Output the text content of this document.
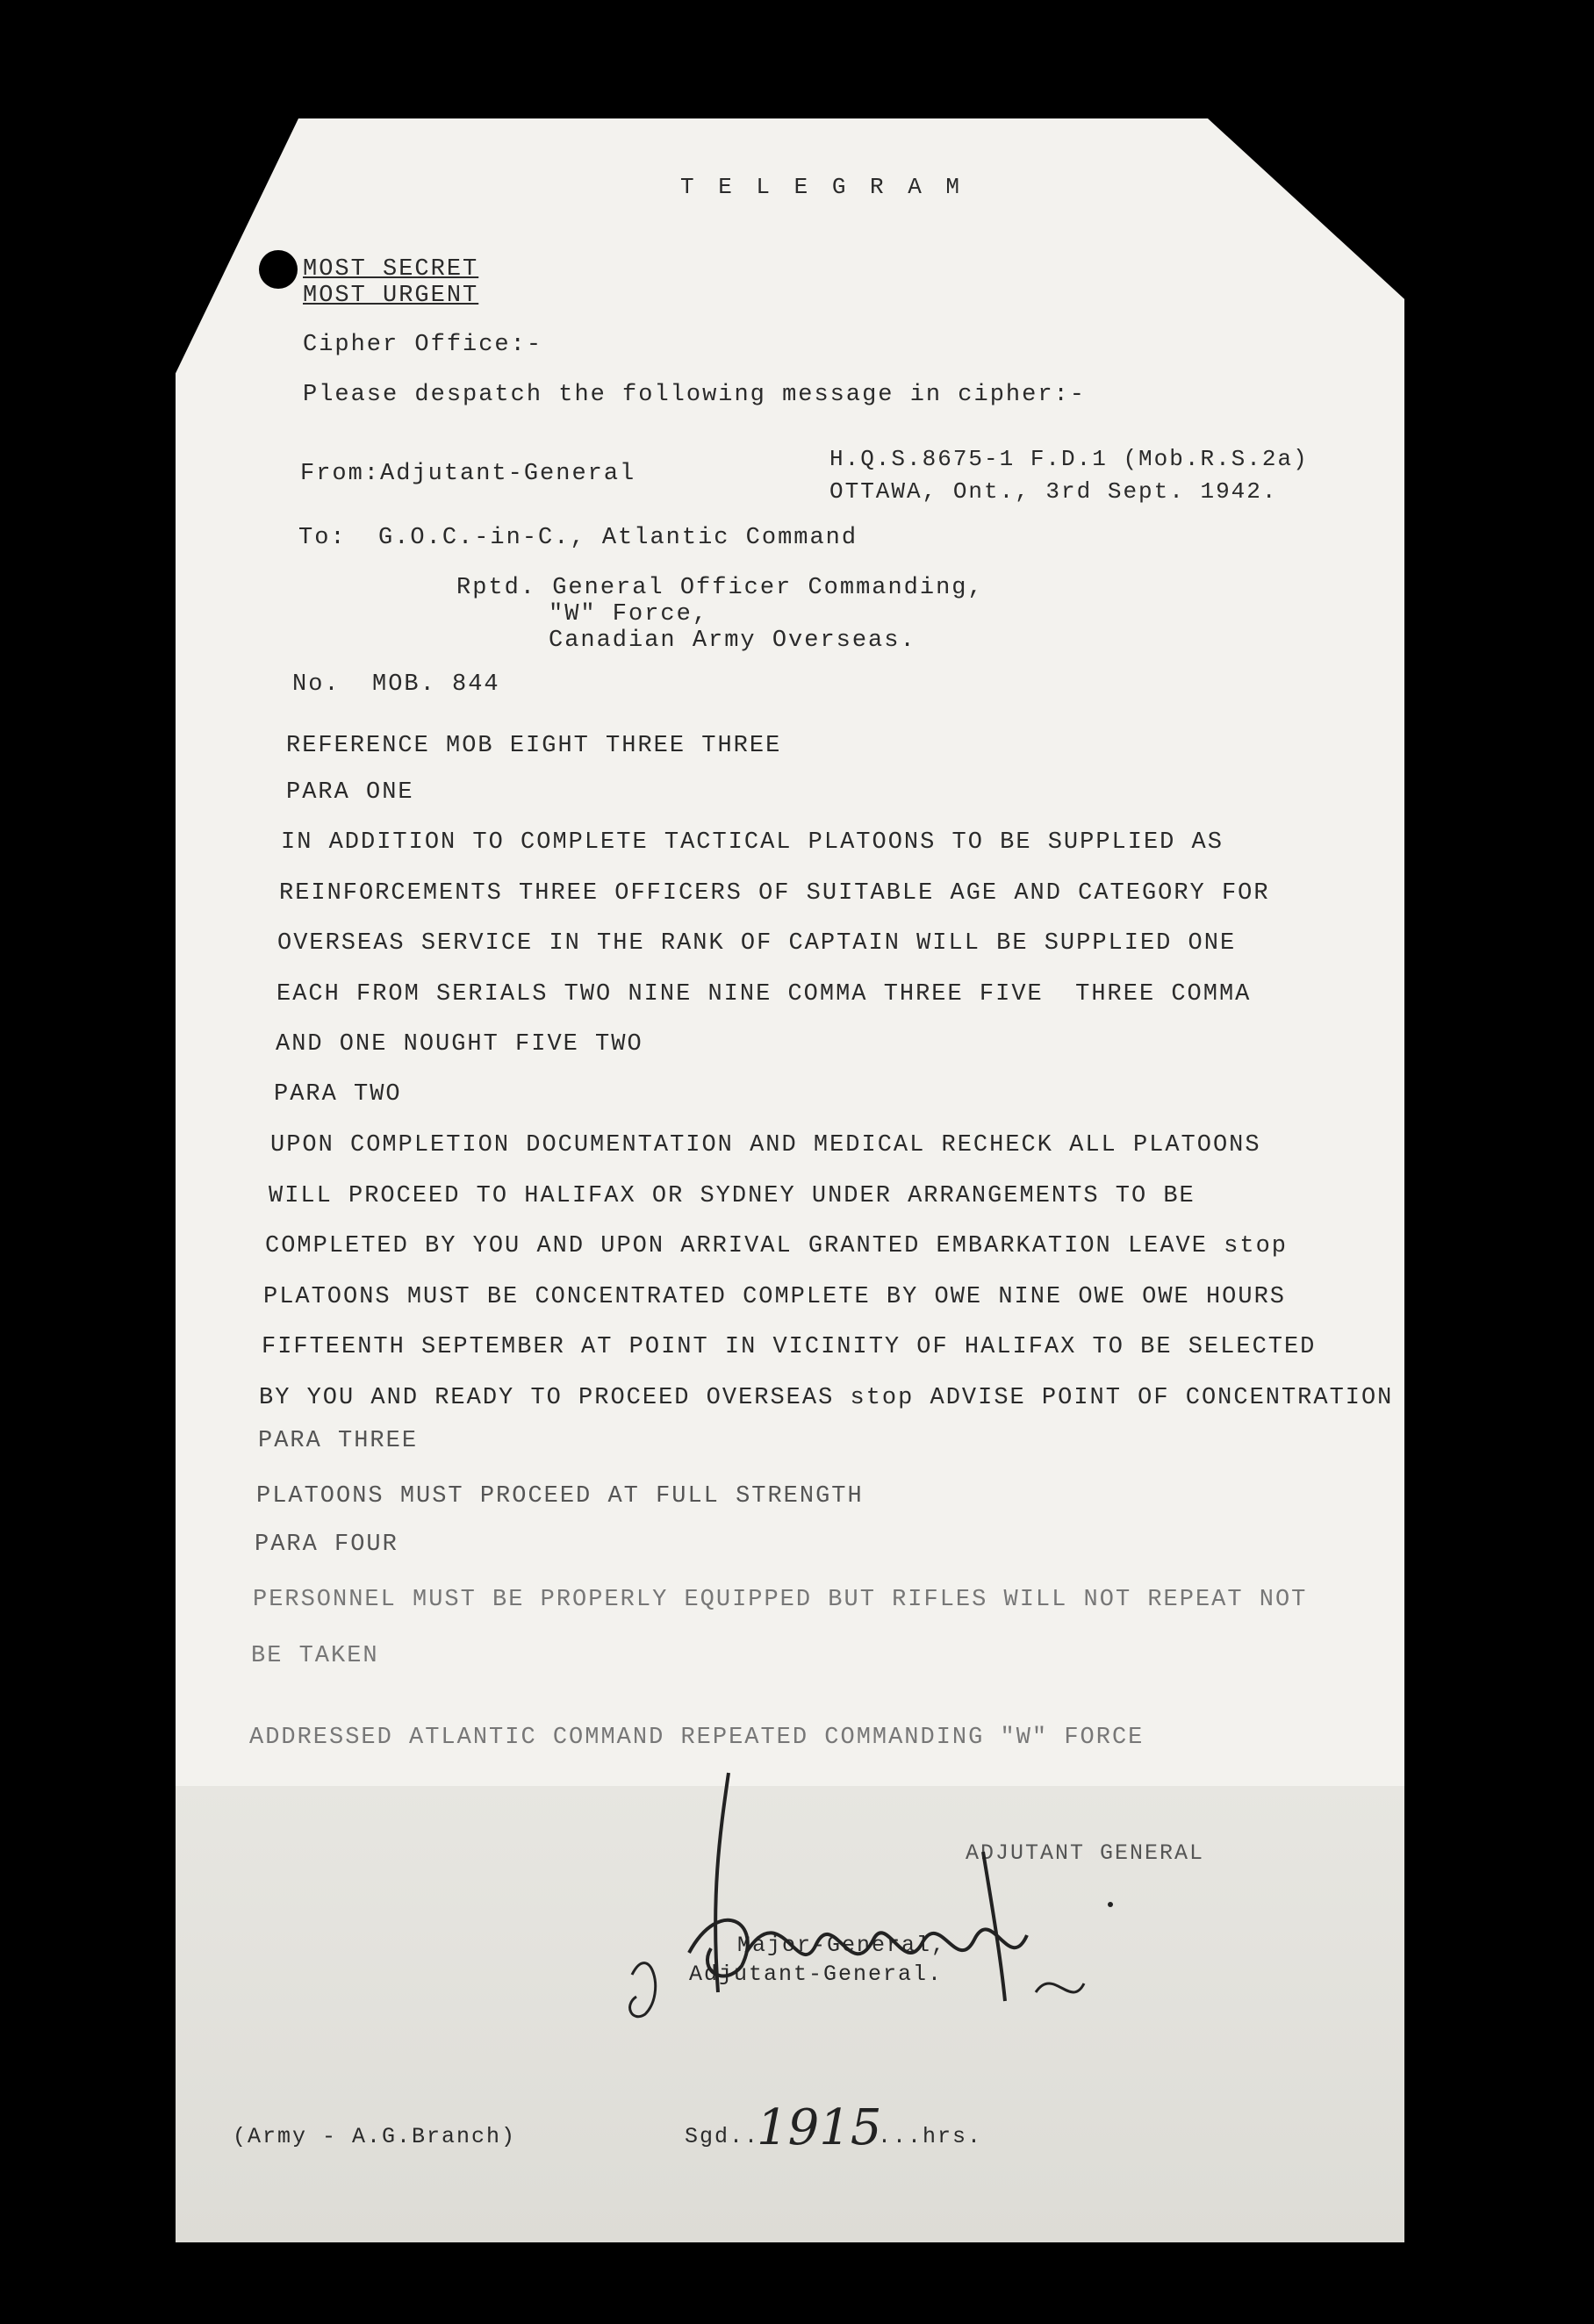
T E L E G R A M
MOST SECRET
MOST URGENT
Cipher Office:-
Please despatch the following message in cipher:-
H.Q.S.8675-1 F.D.1 (Mob.R.S.2a)
OTTAWA, Ont., 3rd Sept. 1942.
From:Adjutant-General
To:  G.O.C.-in-C., Atlantic Command
Rptd. General Officer Commanding,
"W" Force,
Canadian Army Overseas.
No.  MOB. 844
REFERENCE MOB EIGHT THREE THREE
PARA ONE
IN ADDITION TO COMPLETE TACTICAL PLATOONS TO BE SUPPLIED AS
REINFORCEMENTS THREE OFFICERS OF SUITABLE AGE AND CATEGORY FOR
OVERSEAS SERVICE IN THE RANK OF CAPTAIN WILL BE SUPPLIED ONE
EACH FROM SERIALS TWO NINE NINE COMMA THREE FIVE  THREE COMMA
AND ONE NOUGHT FIVE TWO
PARA TWO
UPON COMPLETION DOCUMENTATION AND MEDICAL RECHECK ALL PLATOONS
WILL PROCEED TO HALIFAX OR SYDNEY UNDER ARRANGEMENTS TO BE
COMPLETED BY YOU AND UPON ARRIVAL GRANTED EMBARKATION LEAVE stop
PLATOONS MUST BE CONCENTRATED COMPLETE BY OWE NINE OWE OWE HOURS
FIFTEENTH SEPTEMBER AT POINT IN VICINITY OF HALIFAX TO BE SELECTED
BY YOU AND READY TO PROCEED OVERSEAS stop ADVISE POINT OF CONCENTRATION
PARA THREE
PLATOONS MUST PROCEED AT FULL STRENGTH
PARA FOUR
PERSONNEL MUST BE PROPERLY EQUIPPED BUT RIFLES WILL NOT REPEAT NOT
BE TAKEN
ADDRESSED ATLANTIC COMMAND REPEATED COMMANDING "W" FORCE
ADJUTANT GENERAL
Major-General,
Adjutant-General.
(Army - A.G.Branch)	Sgd..
1915
...hrs.
